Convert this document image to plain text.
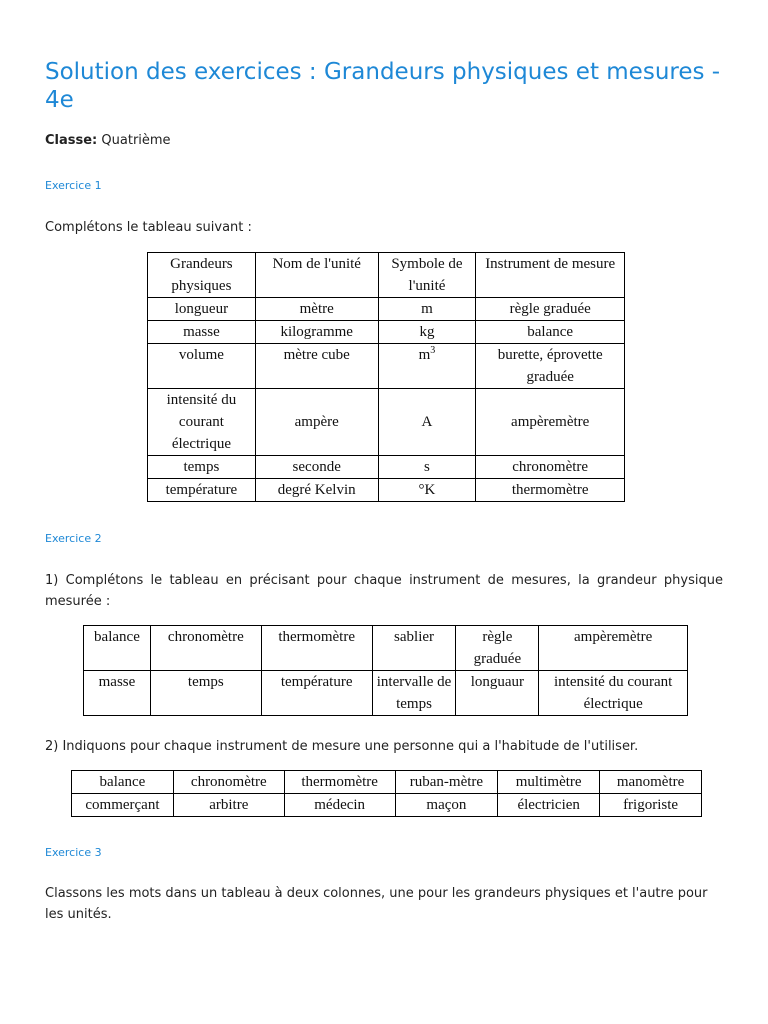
Solution des exercices : Grandeurs physiques et mesures - 4e
Classe: Quatrième
Exercice 1
Complétons le tableau suivant :
Grandeurs physiques	Nom de l'unité	Symbole de l'unité	Instrument de mesure
longueur	mètre	m	règle graduée
masse	kilogramme	kg	balance
volume	mètre cube	$m^3$	burette, éprovette graduée
intensité du courant électrique	ampère	A	ampèremètre
temps	seconde	s	chronomètre
température	degré Kelvin	°K	thermomètre
Exercice 2
1) Complétons le tableau en précisant pour chaque instrument de mesures, la grandeur physique mesurée :
balance	chronomètre	thermomètre	sablier	règle graduée	ampèremètre
masse	temps	température	intervalle de temps	longuaur	intensité du courant électrique
2) Indiquons pour chaque instrument de mesure une personne qui a l'habitude de l'utiliser.
balance	chronomètre	thermomètre	ruban-mètre	multimètre	manomètre
commerçant	arbitre	médecin	maçon	électricien	frigoriste
Exercice 3
Classons les mots dans un tableau à deux colonnes, une pour les grandeurs physiques et l'autre pour les unités.
